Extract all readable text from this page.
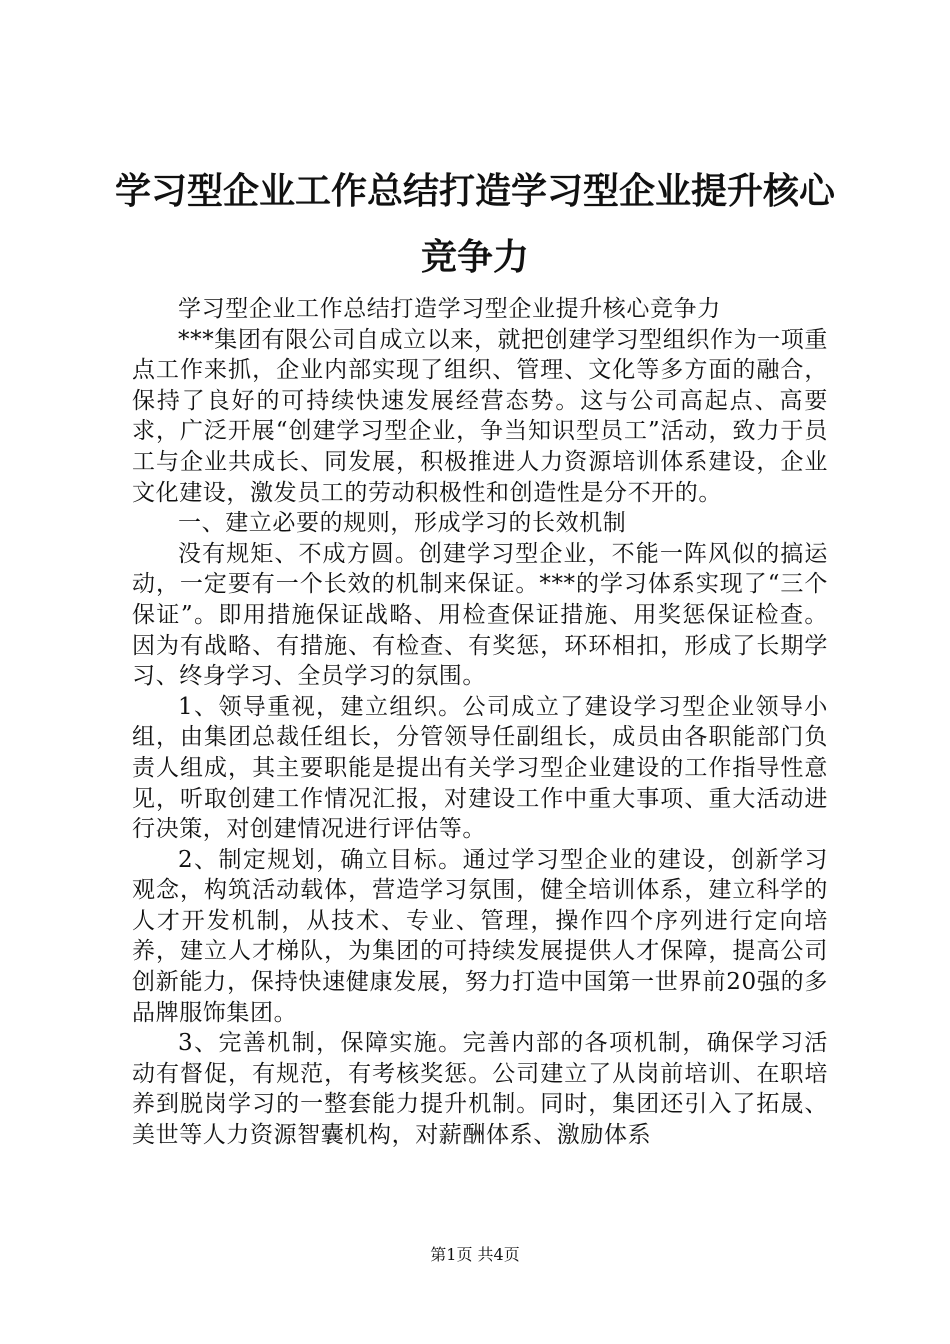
学习型企业工作总结打造学习型企业提升核心竞争力

学习型企业工作总结打造学习型企业提升核心竞争力

***集团有限公司自成立以来，就把创建学习型组织作为一项重点工作来抓，企业内部实现了组织、管理、文化等多方面的融合，保持了良好的可持续快速发展经营态势。这与公司高起点、高要求，广泛开展“创建学习型企业，争当知识型员工”活动，致力于员工与企业共成长、同发展，积极推进人力资源培训体系建设，企业文化建设，激发员工的劳动积极性和创造性是分不开的。

一、建立必要的规则，形成学习的长效机制

没有规矩、不成方圆。创建学习型企业，不能一阵风似的搞运动，一定要有一个长效的机制来保证。***的学习体系实现了“三个保证”。即用措施保证战略、用检查保证措施、用奖惩保证检查。因为有战略、有措施、有检查、有奖惩，环环相扣，形成了长期学习、终身学习、全员学习的氛围。

1、领导重视，建立组织。公司成立了建设学习型企业领导小组，由集团总裁任组长，分管领导任副组长，成员由各职能部门负责人组成，其主要职能是提出有关学习型企业建设的工作指导性意见，听取创建工作情况汇报，对建设工作中重大事项、重大活动进行决策，对创建情况进行评估等。

2、制定规划，确立目标。通过学习型企业的建设，创新学习观念，构筑活动载体，营造学习氛围，健全培训体系，建立科学的人才开发机制，从技术、专业、管理，操作四个序列进行定向培养，建立人才梯队，为集团的可持续发展提供人才保障，提高公司创新能力，保持快速健康发展，努力打造中国第一世界前20强的多品牌服饰集团。

3、完善机制，保障实施。完善内部的各项机制，确保学习活动有督促，有规范，有考核奖惩。公司建立了从岗前培训、在职培养到脱岗学习的一整套能力提升机制。同时，集团还引入了拓晟、美世等人力资源智囊机构，对薪酬体系、激励体系

第1页 共4页
